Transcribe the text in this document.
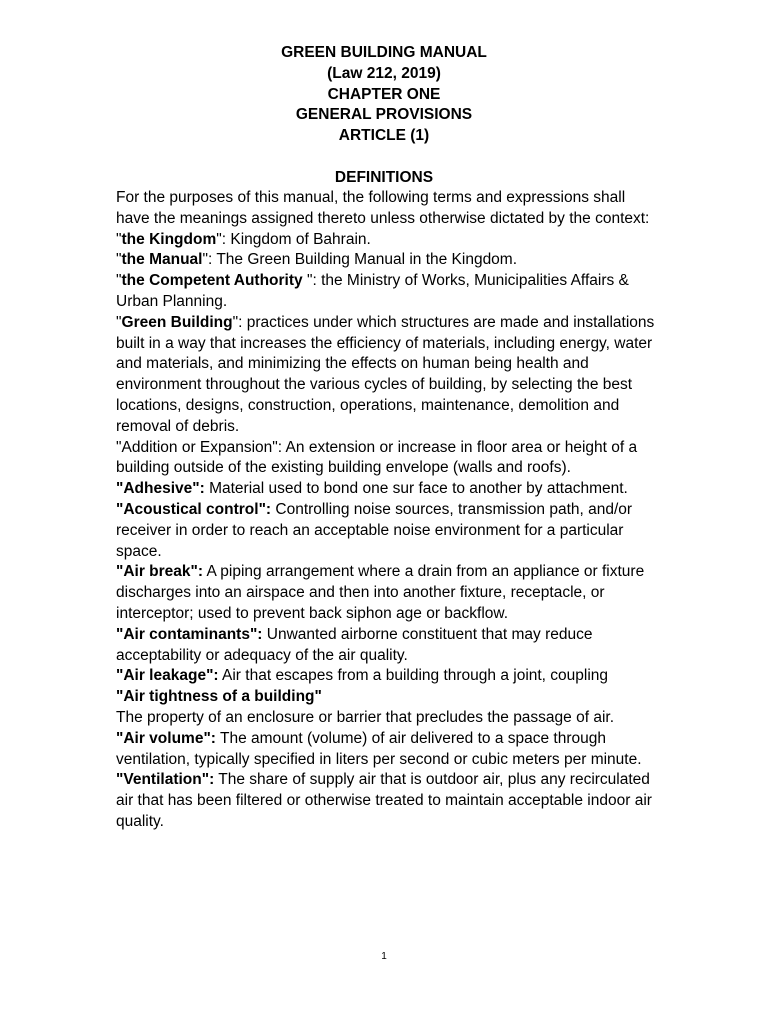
GREEN BUILDING MANUAL
(Law 212, 2019)
CHAPTER ONE
GENERAL PROVISIONS
ARTICLE (1)
DEFINITIONS

For the purposes of this manual, the following terms and expressions shall have the meanings assigned thereto unless otherwise dictated by the context:

"the Kingdom": Kingdom of Bahrain.

"the Manual": The Green Building Manual in the Kingdom.

"the Competent Authority ": the Ministry of Works, Municipalities Affairs & Urban Planning.

"Green Building": practices under which structures are made and installations built in a way that increases the efficiency of materials, including energy, water and materials, and minimizing the effects on human being health and environment throughout the various cycles of building, by selecting the best locations, designs, construction, operations, maintenance, demolition and removal of debris.

"Addition or Expansion": An extension or increase in floor area or height of a building outside of the existing building envelope (walls and roofs).

"Adhesive": Material used to bond one sur face to another by attachment.

"Acoustical control": Controlling noise sources, transmission path, and/or receiver in order to reach an acceptable noise environment for a particular space.

"Air break": A piping arrangement where a drain from an appliance or fixture discharges into an airspace and then into another fixture, receptacle, or interceptor; used to prevent back siphon age or backflow.

"Air contaminants": Unwanted airborne constituent that may reduce acceptability or adequacy of the air quality.

"Air leakage": Air that escapes from a building through a joint, coupling

"Air tightness of a building"

The property of an enclosure or barrier that precludes the passage of air.

"Air volume": The amount (volume) of air delivered to a space through ventilation, typically specified in liters per second or cubic meters per minute.

"Ventilation": The share of supply air that is outdoor air, plus any recirculated air that has been filtered or otherwise treated to maintain acceptable indoor air quality.

1
